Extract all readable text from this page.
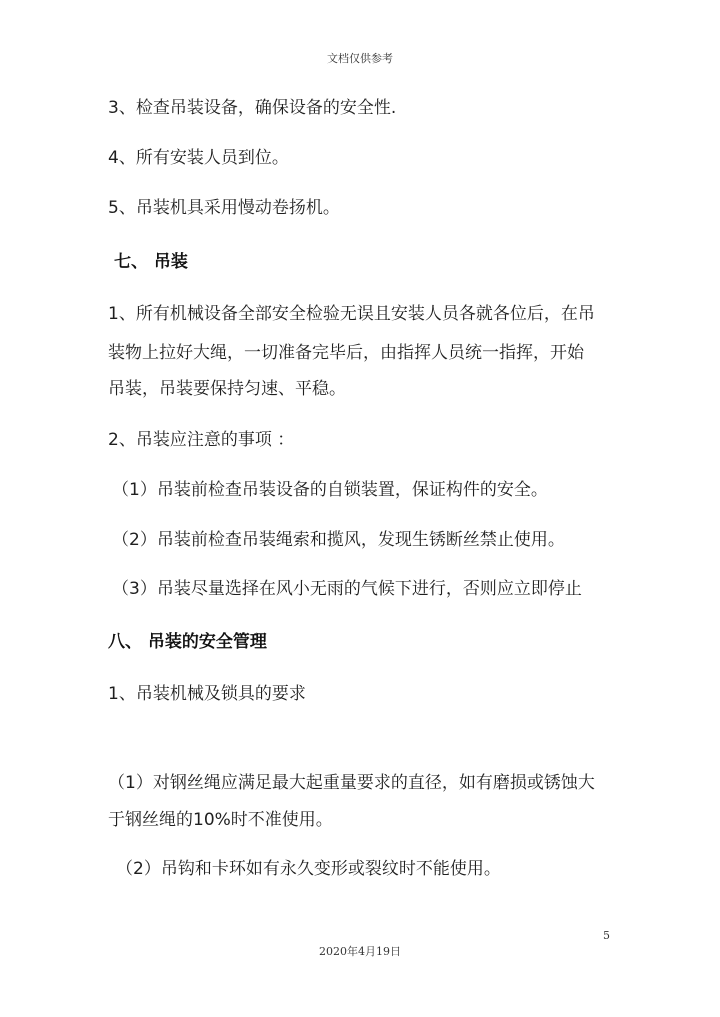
文档仅供参考
3、检查吊装设备，确保设备的安全性.
4、所有安装人员到位。
5、吊装机具采用慢动卷扬机。
七、 吊装
1、所有机械设备全部安全检验无误且安装人员各就各位后，在吊
装物上拉好大绳，一切准备完毕后，由指挥人员统一指挥，开始
吊装，吊装要保持匀速、平稳。
2、吊装应注意的事项 ：
（1）吊装前检查吊装设备的自锁装置，保证构件的安全。
（2）吊装前检查吊装绳索和揽风，发现生锈断丝禁止使用。
（3）吊装尽量选择在风小无雨的气候下进行，否则应立即停止
八、 吊装的安全管理
1、吊装机械及锁具的要求
（1）对钢丝绳应满足最大起重量要求的直径，如有磨损或锈蚀大
于钢丝绳的10%时不准使用。
（2）吊钩和卡环如有永久变形或裂纹时不能使用。
5
2020年4月19日
